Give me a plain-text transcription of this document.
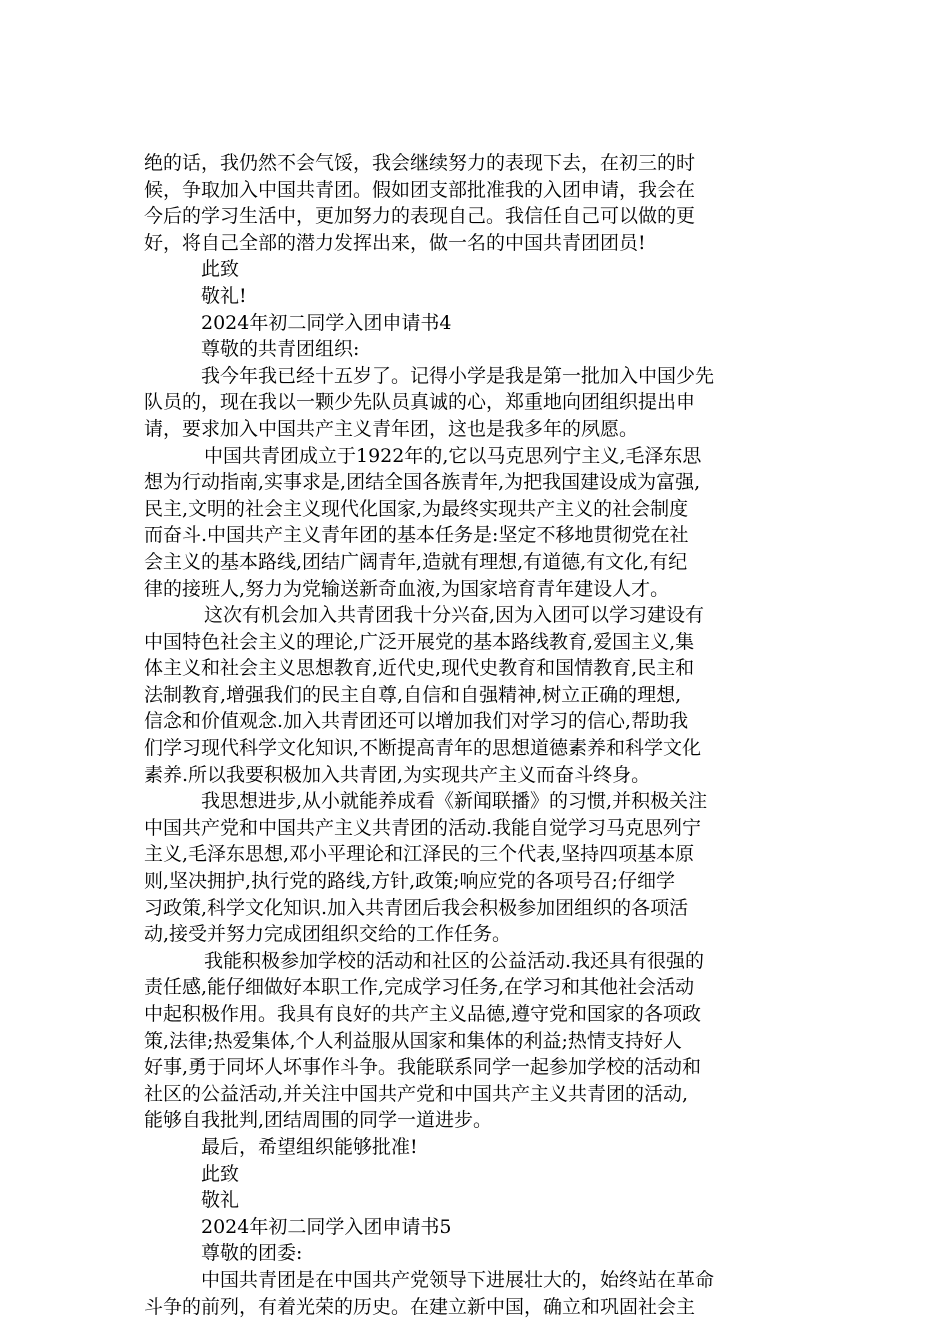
绝的话，我仍然不会气馁，我会继续努力的表现下去，在初三的时
候，争取加入中国共青团。假如团支部批准我的入团申请，我会在
今后的学习生活中，更加努力的表现自己。我信任自己可以做的更
好，将自己全部的潜力发挥出来，做一名的中国共青团团员!
此致
敬礼!
2024年初二同学入团申请书4
尊敬的共青团组织:
我今年我已经十五岁了。记得小学是我是第一批加入中国少先
队员的，现在我以一颗少先队员真诚的心，郑重地向团组织提出申
请，要求加入中国共产主义青年团，这也是我多年的夙愿。
中国共青团成立于1922年的,它以马克思列宁主义,毛泽东思
想为行动指南,实事求是,团结全国各族青年,为把我国建设成为富强,
民主,文明的社会主义现代化国家,为最终实现共产主义的社会制度
而奋斗.中国共产主义青年团的基本任务是:坚定不移地贯彻党在社
会主义的基本路线,团结广阔青年,造就有理想,有道德,有文化,有纪
律的接班人,努力为党输送新奇血液,为国家培育青年建设人才。
这次有机会加入共青团我十分兴奋,因为入团可以学习建设有
中国特色社会主义的理论,广泛开展党的基本路线教育,爱国主义,集
体主义和社会主义思想教育,近代史,现代史教育和国情教育,民主和
法制教育,增强我们的民主自尊,自信和自强精神,树立正确的理想,
信念和价值观念.加入共青团还可以增加我们对学习的信心,帮助我
们学习现代科学文化知识,不断提高青年的思想道德素养和科学文化
素养.所以我要积极加入共青团,为实现共产主义而奋斗终身。
我思想进步,从小就能养成看《新闻联播》的习惯,并积极关注
中国共产党和中国共产主义共青团的活动.我能自觉学习马克思列宁
主义,毛泽东思想,邓小平理论和江泽民的三个代表,坚持四项基本原
则,坚决拥护,执行党的路线,方针,政策;响应党的各项号召;仔细学
习政策,科学文化知识.加入共青团后我会积极参加团组织的各项活
动,接受并努力完成团组织交给的工作任务。
我能积极参加学校的活动和社区的公益活动.我还具有很强的
责任感,能仔细做好本职工作,完成学习任务,在学习和其他社会活动
中起积极作用。我具有良好的共产主义品德,遵守党和国家的各项政
策,法律;热爱集体,个人利益服从国家和集体的利益;热情支持好人
好事,勇于同坏人坏事作斗争。我能联系同学一起参加学校的活动和
社区的公益活动,并关注中国共产党和中国共产主义共青团的活动,
能够自我批判,团结周围的同学一道进步。
最后，希望组织能够批准!
此致
敬礼
2024年初二同学入团申请书5
尊敬的团委:
中国共青团是在中国共产党领导下进展壮大的，始终站在革命
斗争的前列，有着光荣的历史。在建立新中国，确立和巩固社会主
